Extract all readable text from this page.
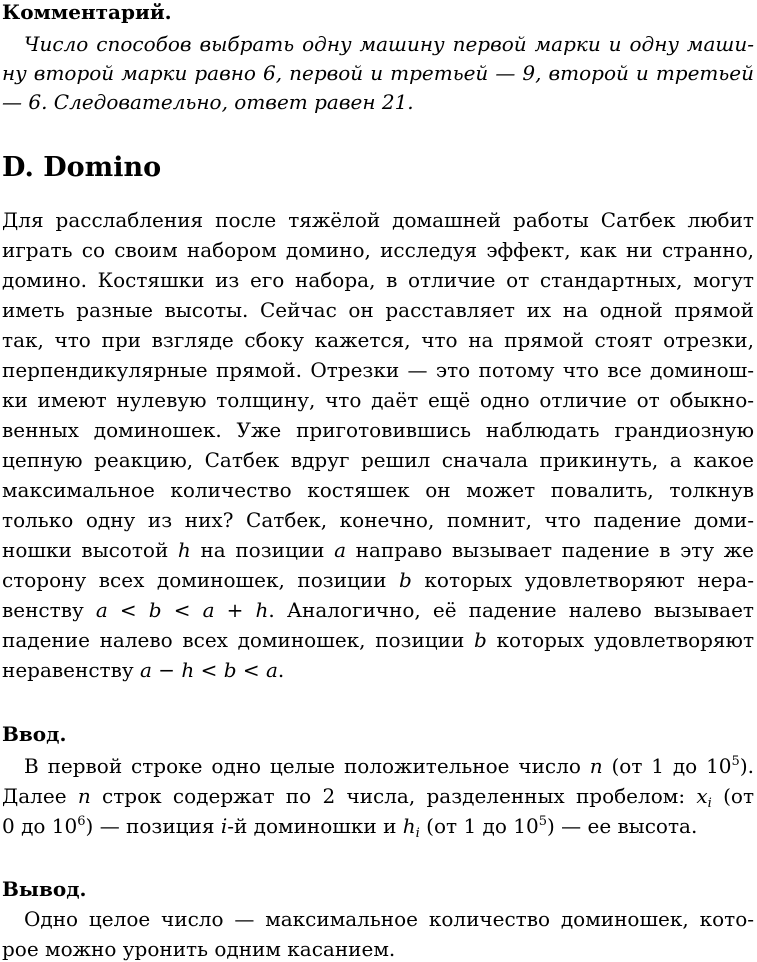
Комментарий.
Число способов выбрать одну машину первой марки и одну маши-
ну второй марки равно 6, первой и третьей — 9, второй и третьей
— 6. Следовательно, ответ равен 21.
D. Domino
Для расслабления после тяжёлой домашней работы Сатбек любит
играть со своим набором домино, исследуя эффект, как ни странно,
домино. Костяшки из его набора, в отличие от стандартных, могут
иметь разные высоты. Сейчас он расставляет их на одной прямой
так, что при взгляде сбоку кажется, что на прямой стоят отрезки,
перпендикулярные прямой. Отрезки — это потому что все доминош-
ки имеют нулевую толщину, что даёт ещё одно отличие от обыкно-
венных доминошек. Уже приготовившись наблюдать грандиозную
цепную реакцию, Сатбек вдруг решил сначала прикинуть, а какое
максимальное количество костяшек он может повалить, толкнув
только одну из них? Сатбек, конечно, помнит, что падение доми-
ношки высотой h на позиции a направо вызывает падение в эту же
сторону всех доминошек, позиции b которых удовлетворяют нера-
венству a < b < a + h. Аналогично, её падение налево вызывает
падение налево всех доминошек, позиции b которых удовлетворяют
неравенству a − h < b < a.
Ввод.
В первой строке одно целые положительное число n (от 1 до $10^5$).
Далее n строк содержат по 2 числа, разделенных пробелом: $x_i$ (от
0 до $10^6$) — позиция i-й доминошки и $h_i$ (от 1 до $10^5$) — ее высота.
Вывод.
Одно целое число — максимальное количество доминошек, кото-
рое можно уронить одним касанием.
